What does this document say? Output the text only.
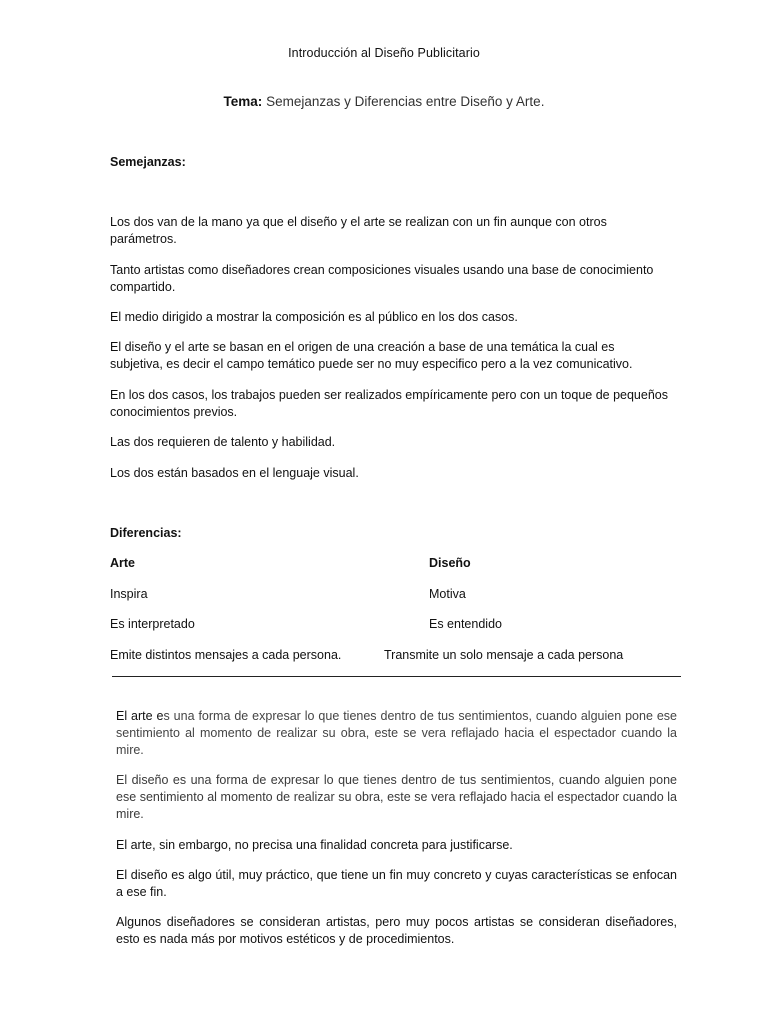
Introducción al Diseño Publicitario
Tema: Semejanzas y Diferencias entre Diseño y Arte.
Semejanzas:

Los dos van de la mano ya que el diseño y el arte se realizan con un fin aunque con otros parámetros.

Tanto artistas como diseñadores crean composiciones visuales usando una base de conocimiento compartido.

El medio dirigido a mostrar la composición es al público en los dos casos.

El diseño y el arte se basan en el origen de una creación a base de una temática la cual es subjetiva, es decir el campo temático puede ser no muy especifico pero a la vez comunicativo.

En los dos casos, los trabajos pueden ser realizados empíricamente pero con un toque de pequeños conocimientos previos.

Las dos requieren de talento y habilidad.

Los dos están basados en el lenguaje visual.

Diferencias:
Arte	Diseño
Inspira	Motiva
Es interpretado	Es entendido
Emite distintos mensajes a cada persona.	Transmite un solo mensaje a cada persona

El arte es una forma de expresar lo que tienes dentro de tus sentimientos, cuando alguien pone ese sentimiento al momento de realizar su obra, este se vera reflajado hacia el espectador cuando la mire.

El diseño es una forma de expresar lo que tienes dentro de tus sentimientos, cuando alguien pone ese sentimiento al momento de realizar su obra, este se vera reflajado hacia el espectador cuando la mire.

El arte, sin embargo, no precisa una finalidad concreta para justificarse.

El diseño es algo útil, muy práctico, que tiene un fin muy concreto y cuyas características se enfocan a ese fin.

Algunos diseñadores se consideran artistas, pero muy pocos artistas se consideran diseñadores, esto es nada más por motivos estéticos y de procedimientos.
